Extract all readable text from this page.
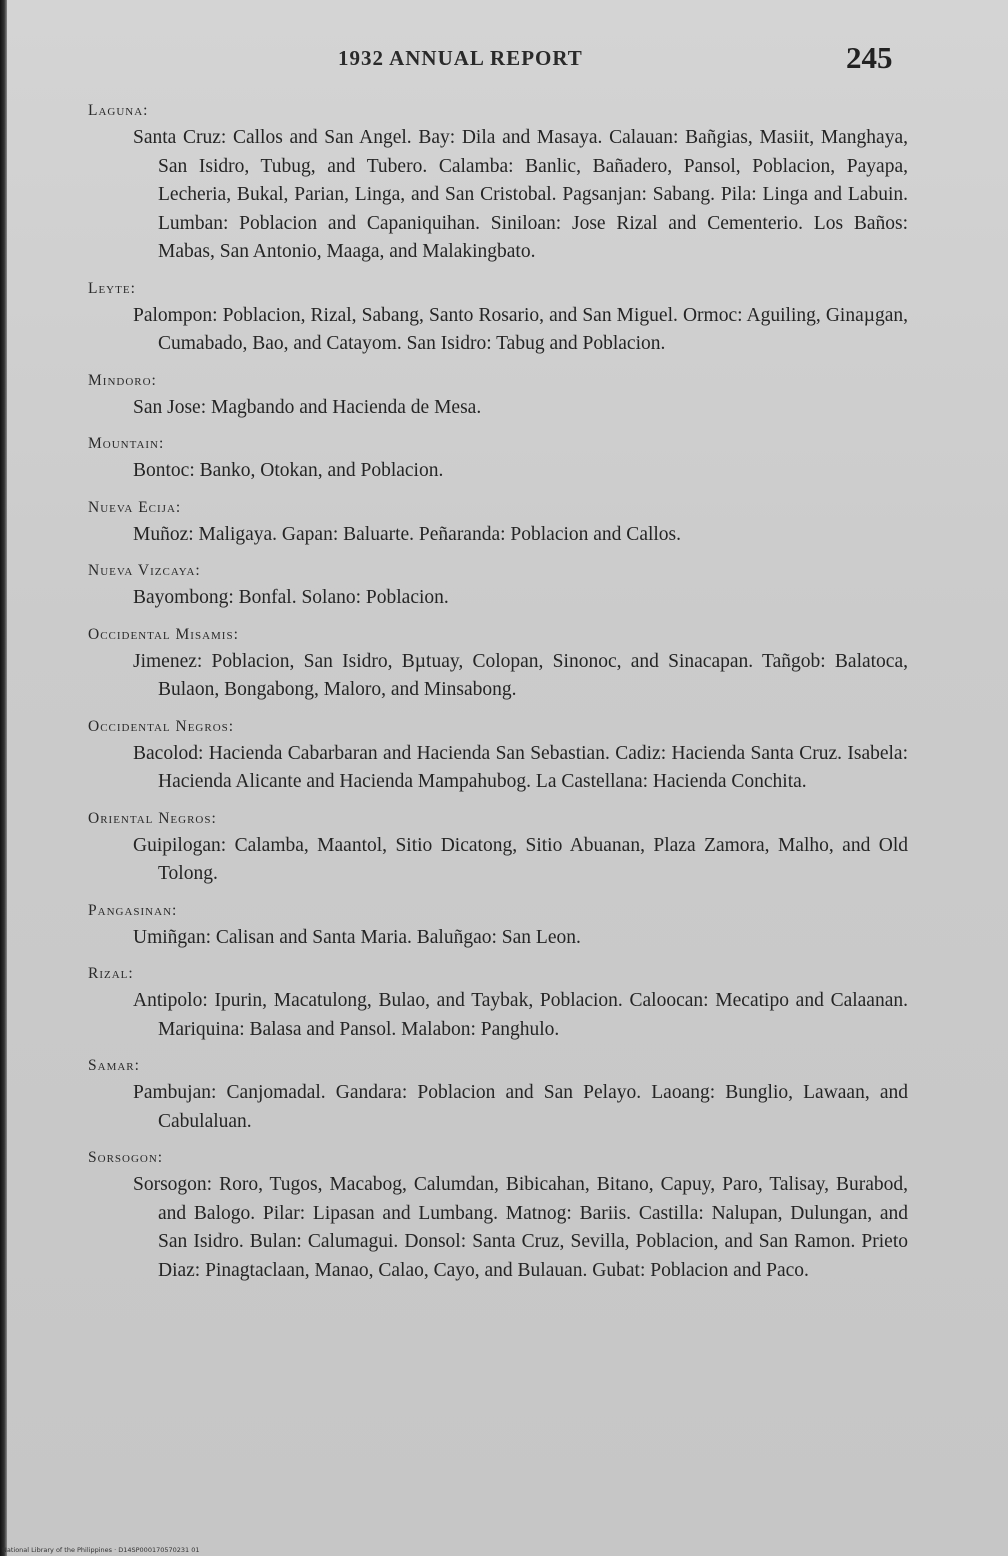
1932 ANNUAL REPORT	245
Laguna:
Santa Cruz: Callos and San Angel. Bay: Dila and Masaya. Calauan: Bañgias, Masiit, Manghaya, San Isidro, Tubug, and Tubero. Calamba: Banlic, Bañadero, Pansol, Poblacion, Payapa, Lecheria, Bukal, Parian, Linga, and San Cristobal. Pagsanjan: Sabang. Pila: Linga and Labuin. Lumban: Poblacion and Capaniquihan. Siniloan: Jose Rizal and Cementerio. Los Baños: Mabas, San Antonio, Maaga, and Malakingbato.
Leyte:
Palompon: Poblacion, Rizal, Sabang, Santo Rosario, and San Miguel. Ormoc: Aguiling, Ginaµgan, Cumabado, Bao, and Catayom. San Isidro: Tabug and Poblacion.
Mindoro:
San Jose: Magbando and Hacienda de Mesa.
Mountain:
Bontoc: Banko, Otokan, and Poblacion.
Nueva Ecija:
Muñoz: Maligaya. Gapan: Baluarte. Peñaranda: Poblacion and Callos.
Nueva Vizcaya:
Bayombong: Bonfal. Solano: Poblacion.
Occidental Misamis:
Jimenez: Poblacion, San Isidro, Bµtuay, Colopan, Sinonoc, and Sinacapan. Tañgob: Balatoca, Bulaon, Bongabong, Maloro, and Minsabong.
Occidental Negros:
Bacolod: Hacienda Cabarbaran and Hacienda San Sebastian. Cadiz: Hacienda Santa Cruz. Isabela: Hacienda Alicante and Hacienda Mampahubog. La Castellana: Hacienda Conchita.
Oriental Negros:
Guipilogan: Calamba, Maantol, Sitio Dicatong, Sitio Abuanan, Plaza Zamora, Malho, and Old Tolong.
Pangasinan:
Umiñgan: Calisan and Santa Maria. Baluñgao: San Leon.
Rizal:
Antipolo: Ipurin, Macatulong, Bulao, and Taybak, Poblacion. Caloocan: Mecatipo and Calaanan. Mariquina: Balasa and Pansol. Malabon: Panghulo.
Samar:
Pambujan: Canjomadal. Gandara: Poblacion and San Pelayo. Laoang: Bunglio, Lawaan, and Cabulaluan.
Sorsogon:
Sorsogon: Roro, Tugos, Macabog, Calumdan, Bibicahan, Bitano, Capuy, Paro, Talisay, Burabod, and Balogo. Pilar: Lipasan and Lumbang. Matnog: Bariis. Castilla: Nalupan, Dulungan, and San Isidro. Bulan: Calumagui. Donsol: Santa Cruz, Sevilla, Poblacion, and San Ramon. Prieto Diaz: Pinagtaclaan, Manao, Calao, Cayo, and Bulauan. Gubat: Poblacion and Paco.
National Library of the Philippines · D14SP000170570231 01
